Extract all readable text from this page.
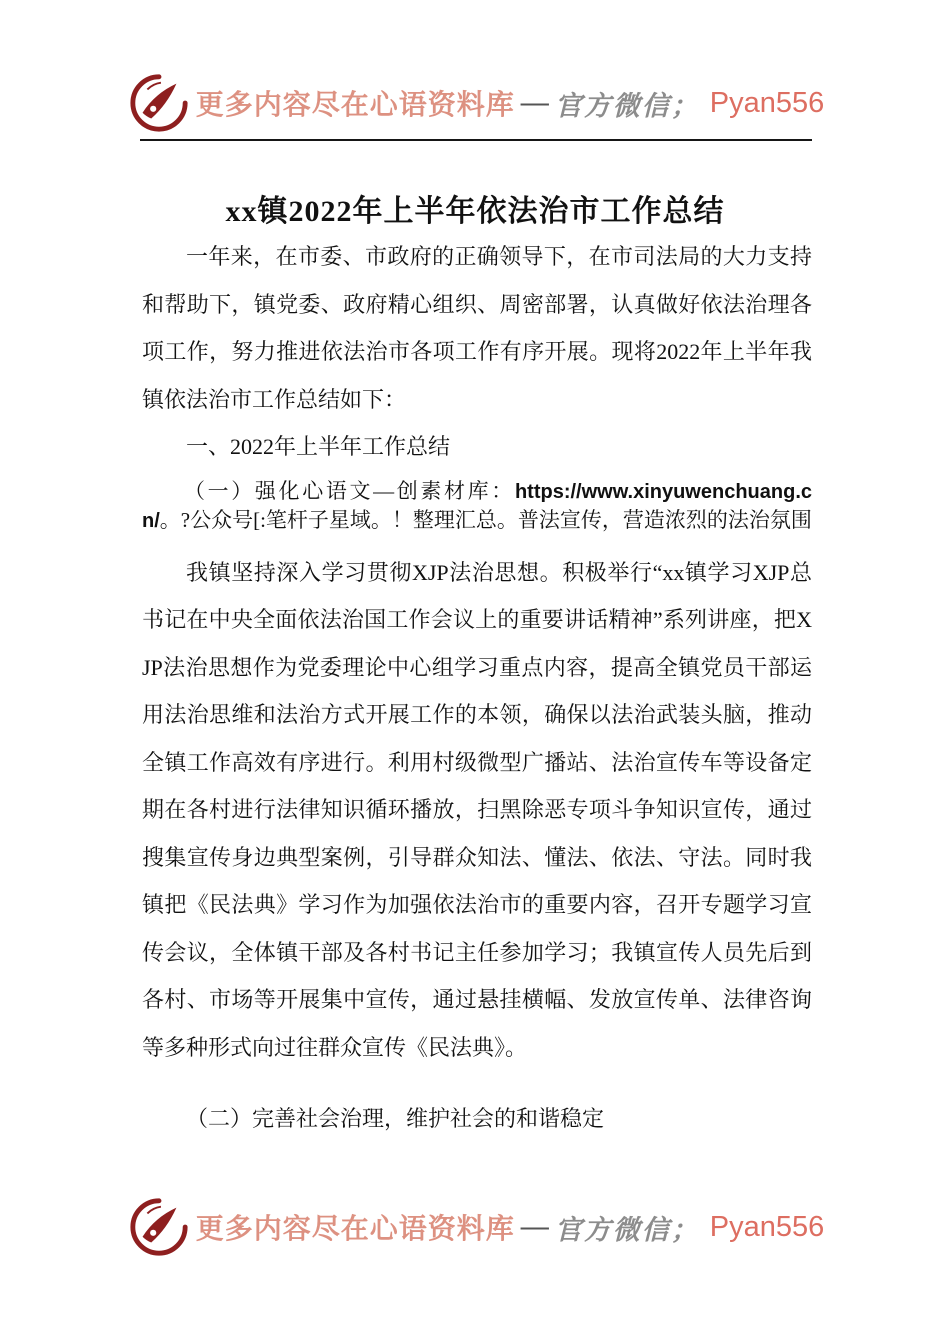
更多内容尽在心语资料库 — 官方微信； Pyan556
xx镇2022年上半年依法治市工作总结

一年来，在市委、市政府的正确领导下，在市司法局的大力支持和帮助下，镇党委、政府精心组织、周密部署，认真做好依法治理各项工作，努力推进依法治市各项工作有序开展。现将2022年上半年我镇依法治市工作总结如下：

一、2022年上半年工作总结

（一）强化心语文—创素材库：https://www.xinyuwenchuang.cn/。?公众号[:笔杆子星域。！整理汇总。普法宣传，营造浓烈的法治氛围

我镇坚持深入学习贯彻XJP法治思想。积极举行“xx镇学习XJP总书记在中央全面依法治国工作会议上的重要讲话精神”系列讲座，把XJP法治思想作为党委理论中心组学习重点内容，提高全镇党员干部运用法治思维和法治方式开展工作的本领，确保以法治武装头脑，推动全镇工作高效有序进行。利用村级微型广播站、法治宣传车等设备定期在各村进行法律知识循环播放，扫黑除恶专项斗争知识宣传，通过搜集宣传身边典型案例，引导群众知法、懂法、依法、守法。同时我镇把《民法典》学习作为加强依法治市的重要内容，召开专题学习宣传会议，全体镇干部及各村书记主任参加学习；我镇宣传人员先后到各村、市场等开展集中宣传，通过悬挂横幅、发放宣传单、法律咨询等多种形式向过往群众宣传《民法典》。

（二）完善社会治理，维护社会的和谐稳定

更多内容尽在心语资料库 — 官方微信； Pyan556
